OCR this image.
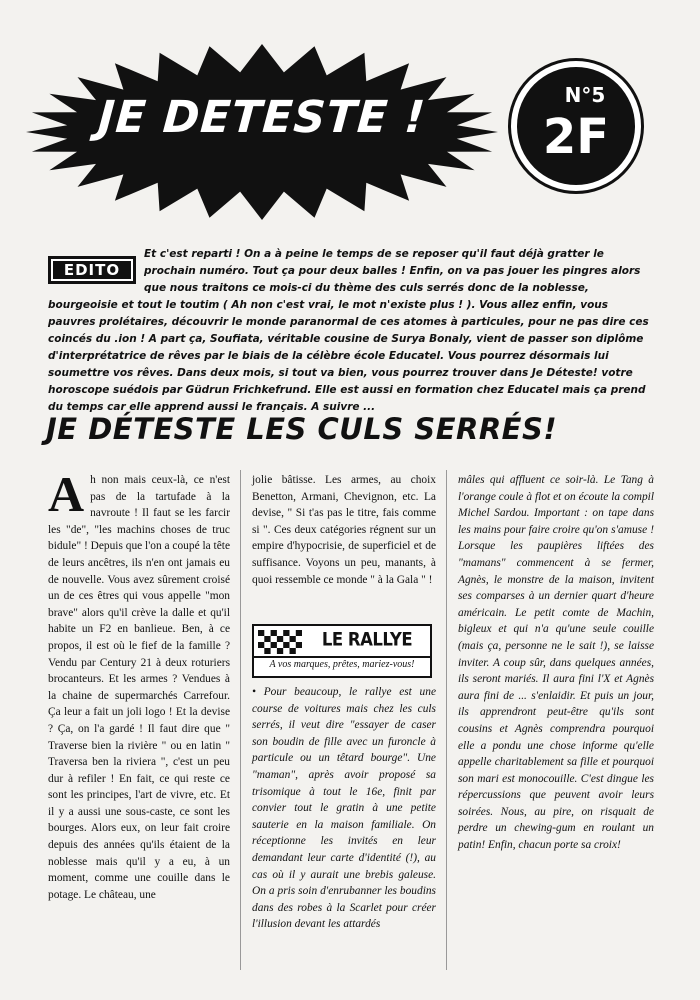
JE DETESTE !	N°5
2F
EDITO

Et c'est reparti ! On a à peine le temps de se reposer qu'il faut déjà gratter le prochain numéro. Tout ça pour deux balles ! Enfin, on va pas jouer les pingres alors que nous traitons ce mois-ci du thème des culs serrés donc de la noblesse, bourgeoisie et tout le toutim ( Ah non c'est vrai, le mot n'existe plus ! ). Vous allez enfin, vous pauvres prolétaires, découvrir le monde paranormal de ces atomes à particules, pour ne pas dire ces coincés du .ion ! A part ça, Soufiata, véritable cousine de Surya Bonaly, vient de passer son diplôme d'interprétatrice de rêves par le biais de la célèbre école Educatel. Vous pourrez désormais lui soumettre vos rêves. Dans deux mois, si tout va bien, vous pourrez trouver dans Je Déteste! votre horoscope suédois par Güdrun Frichkefrund. Elle est aussi en formation chez Educatel mais ça prend du temps car elle apprend aussi le français. A suivre ...

JE DÉTESTE LES CULS SERRÉS!

Ah non mais ceux-là, ce n'est pas de la tartufade à la navroute ! Il faut se les farcir les "de", "les machins choses de truc bidule" ! Depuis que l'on a coupé la tête de leurs ancêtres, ils n'en ont jamais eu de nouvelle. Vous avez sûrement croisé un de ces êtres qui vous appelle "mon brave" alors qu'il crève la dalle et qu'il habite un F2 en banlieue. Ben, à ce propos, il est où le fief de la famille ? Vendu par Century 21 à deux roturiers brocanteurs. Et les armes ? Vendues à la chaine de supermarchés Carrefour. Ça leur a fait un joli logo ! Et la devise ? Ça, on l'a gardé ! Il faut dire que " Traverse bien la rivière " ou en latin " Traversa ben la riviera ", c'est un peu dur à refiler ! En fait, ce qui reste ce sont les principes, l'art de vivre, etc. Et il y a aussi une sous-caste, ce sont les bourges. Alors eux, on leur fait croire depuis des années qu'ils étaient de la noblesse mais qu'il y a eu, à un moment, comme une couille dans le potage. Le château, une

jolie bâtisse. Les armes, au choix Benetton, Armani, Chevignon, etc. La devise, " Si t'as pas le titre, fais comme si ". Ces deux catégories régnent sur un empire d'hypocrisie, de superficiel et de suffisance. Voyons un peu, manants, à quoi ressemble ce monde " à la Gala " !

LE RALLYE
A vos marques, prêtes, mariez-vous!

• Pour beaucoup, le rallye est une course de voitures mais chez les culs serrés, il veut dire "essayer de caser son boudin de fille avec un furoncle à particule ou un têtard bourge". Une "maman", après avoir proposé sa trisomique à tout le 16e, finit par convier tout le gratin à une petite sauterie en la maison familiale. On réceptionne les invités en leur demandant leur carte d'identité (!), au cas où il y aurait une brebis galeuse. On a pris soin d'enrubanner les boudins dans des robes à la Scarlet pour créer l'illusion devant les attardés

mâles qui affluent ce soir-là. Le Tang à l'orange coule à flot et on écoute la compil Michel Sardou. Important : on tape dans les mains pour faire croire qu'on s'amuse ! Lorsque les paupières liftées des "mamans" commencent à se fermer, Agnès, le monstre de la maison, invitent ses comparses à un dernier quart d'heure américain. Le petit comte de Machin, bigleux et qui n'a qu'une seule couille (mais ça, personne ne le sait !), se laisse inviter. A coup sûr, dans quelques années, ils seront mariés. Il aura fini l'X et Agnès aura fini de ... s'enlaidir. Et puis un jour, ils apprendront peut-être qu'ils sont cousins et Agnès comprendra pourquoi elle a pondu une chose informe qu'elle appelle charitablement sa fille et pourquoi son mari est monocouille. C'est dingue les répercussions que peuvent avoir leurs soirées. Nous, au pire, on risquait de perdre un chewing-gum en roulant un patin! Enfin, chacun porte sa croix!
